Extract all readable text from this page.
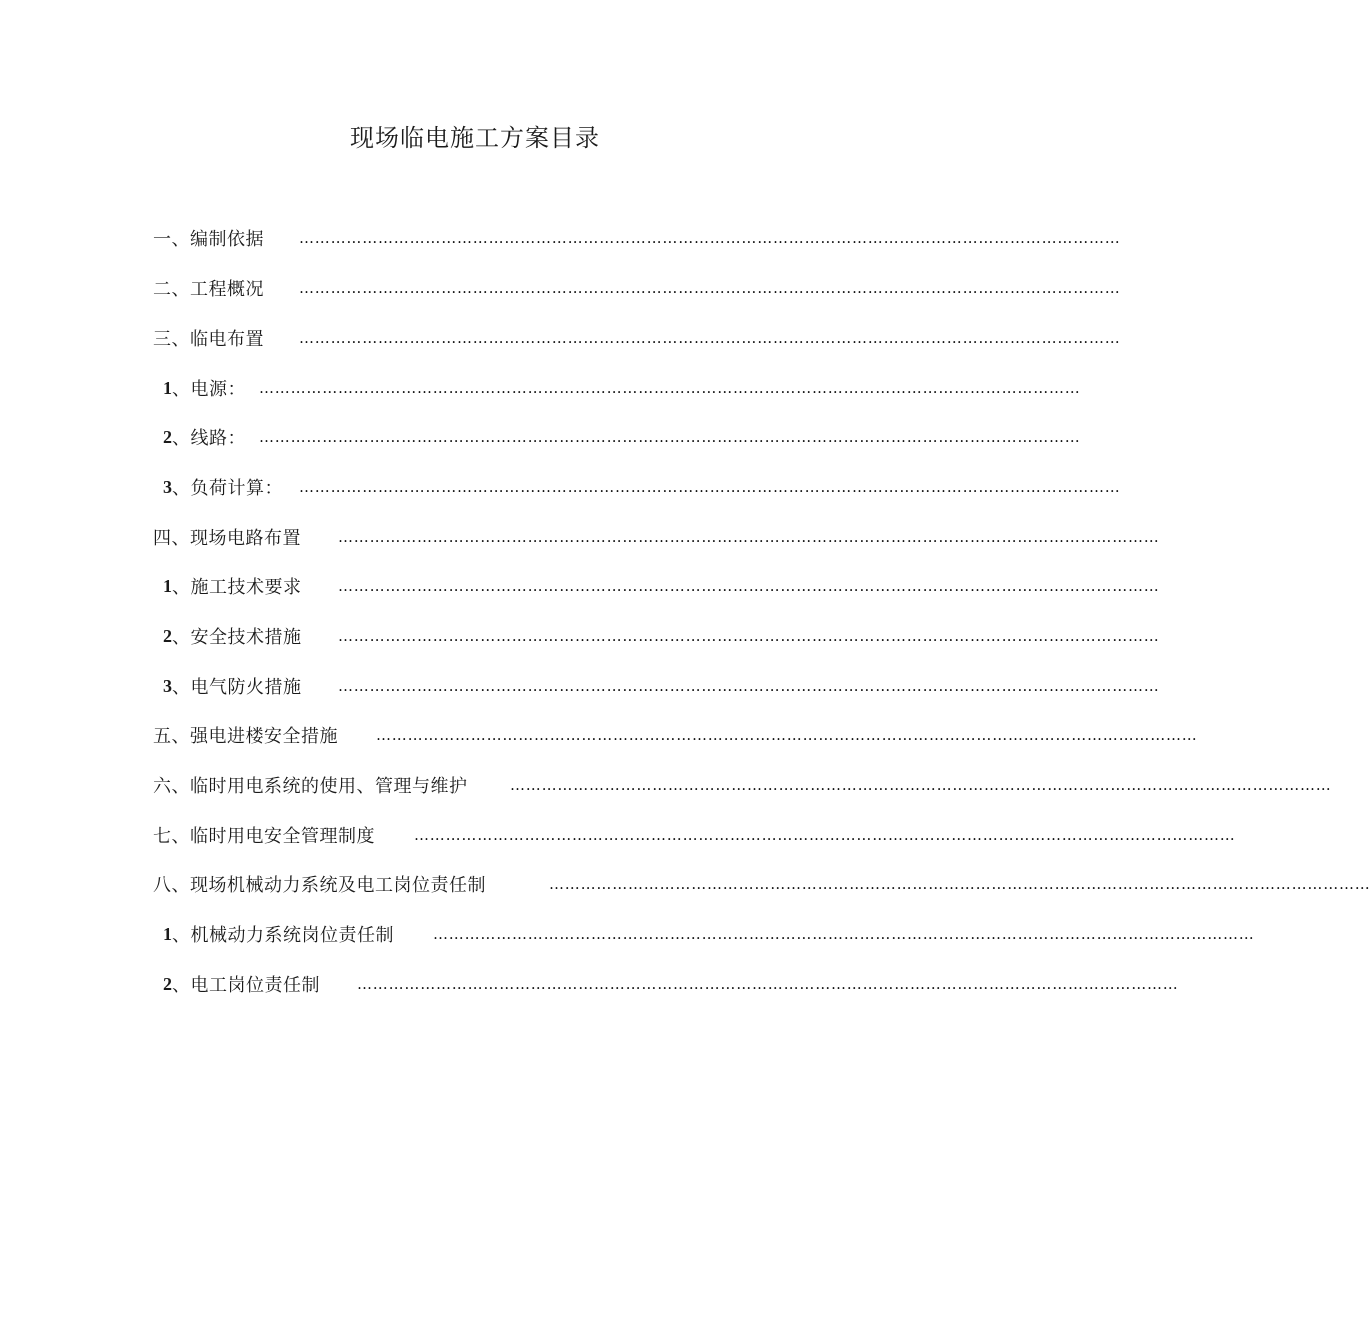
现场临电施工方案目录
一、编制依据 …………………………………………………………………………………………………………………………………………
二、工程概况 …………………………………………………………………………………………………………………………………………
三、临电布置 …………………………………………………………………………………………………………………………………………
1 、电源： …………………………………………………………………………………………………………………………………………
2 、线路： …………………………………………………………………………………………………………………………………………
3 、负荷计算： …………………………………………………………………………………………………………………………………………
四、现场电路布置 …………………………………………………………………………………………………………………………………………
1 、施工技术要求 …………………………………………………………………………………………………………………………………………
2 、安全技术措施 …………………………………………………………………………………………………………………………………………
3 、电气防火措施 …………………………………………………………………………………………………………………………………………
五、强电进楼安全措施	…………………………………………………………………………………………………………………………………………
六、临时用电系统的使用、管理与维护	…………………………………………………………………………………………………………………………………………
七、临时用电安全管理制度	…………………………………………………………………………………………………………………………………………
八、现场机械动力系统及电工岗位责任制	…………………………………………………………………………………………………………………………………………
1 、机械动力系统岗位责任制	…………………………………………………………………………………………………………………………………………
2 、电工岗位责任制 …………………………………………………………………………………………………………………………………………
